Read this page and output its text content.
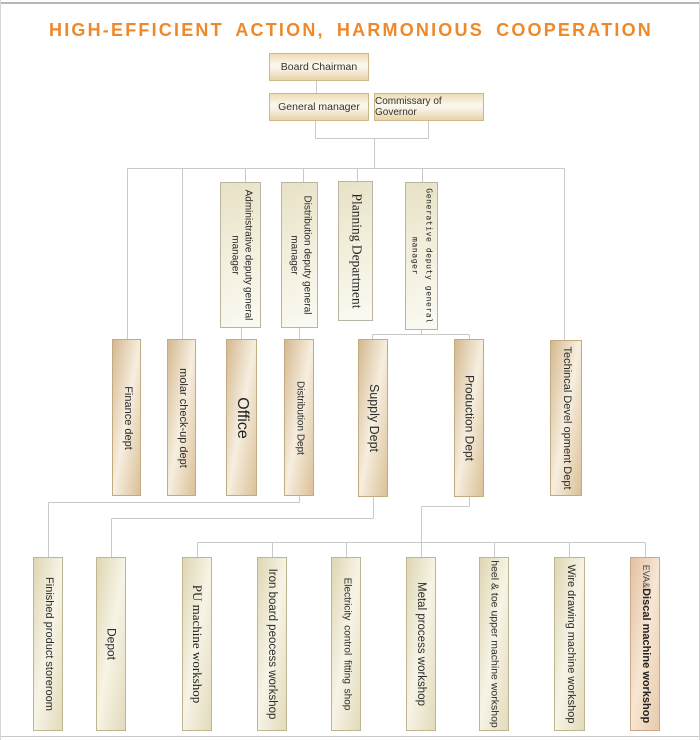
HIGH-EFFICIENT ACTION, HARMONIOUS COOPERATION
Board Chairman
General manager	Commissary of Governor
Administrative deputy general manager	Distribution deputy general manager	Planning Department	Generative deputy general manager
Finance dept	molar check-up dept	Office	Distribution Dept	Supply Dept	Production Dept	Techincal Devel opment Dept
Finished product storeroom	Depot	PU machine workshop	Iron board peocess workshop	Electricity control fitting shop	Metal process workshop	heel & toe upper machine workshop	Wire drawing machine workshop	EVA&Discal machine workshop
